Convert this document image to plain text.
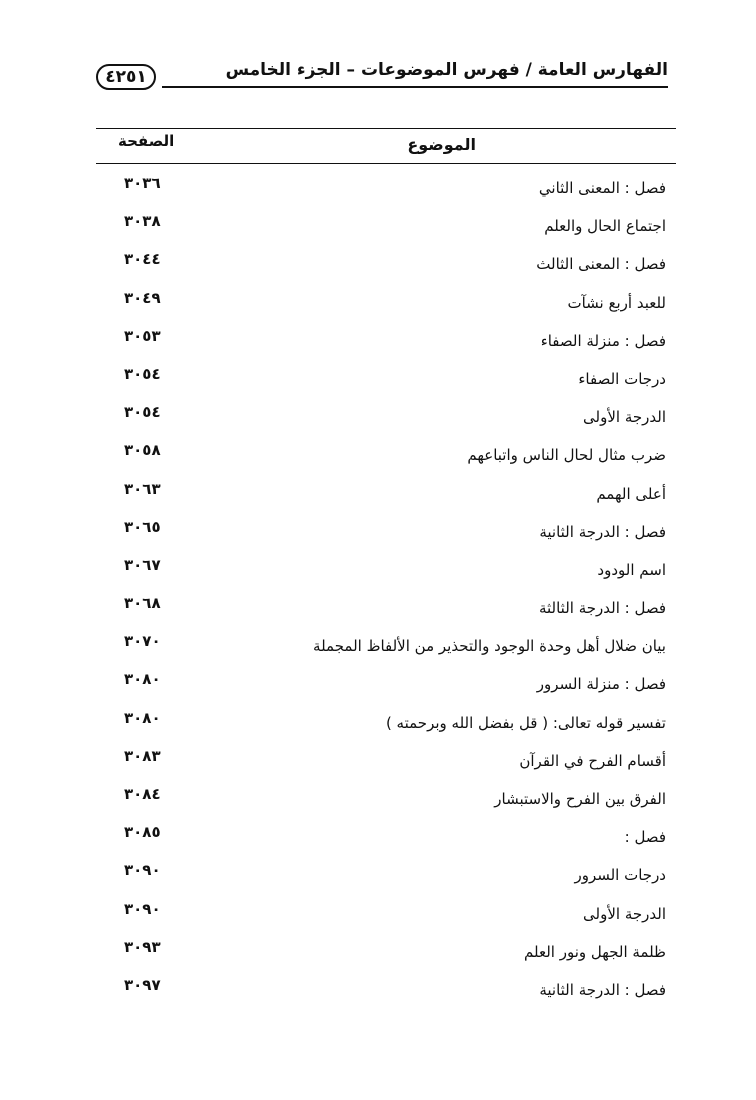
الفهارس العامة / فهرس الموضوعات – الجزء الخامس
٤٢٥١
الموضوع
الصفحة
فصل : المعنى الثاني
٣٠٣٦
اجتماع الحال والعلم
٣٠٣٨
فصل : المعنى الثالث
٣٠٤٤
للعبد أربع نشآت
٣٠٤٩
فصل : منزلة الصفاء
٣٠٥٣
درجات الصفاء
٣٠٥٤
الدرجة الأولى
٣٠٥٤
ضرب مثال لحال الناس واتباعهم
٣٠٥٨
أعلى الهمم
٣٠٦٣
فصل : الدرجة الثانية
٣٠٦٥
اسم الودود
٣٠٦٧
فصل : الدرجة الثالثة
٣٠٦٨
بيان ضلال أهل وحدة الوجود والتحذير من الألفاظ المجملة
٣٠٧٠
فصل : منزلة السرور
٣٠٨٠
تفسير قوله تعالى: ( قل بفضل الله وبرحمته )
٣٠٨٠
أقسام الفرح في القرآن
٣٠٨٣
الفرق بين الفرح والاستبشار
٣٠٨٤
فصل :
٣٠٨٥
درجات السرور
٣٠٩٠
الدرجة الأولى
٣٠٩٠
ظلمة الجهل ونور العلم
٣٠٩٣
فصل : الدرجة الثانية
٣٠٩٧
